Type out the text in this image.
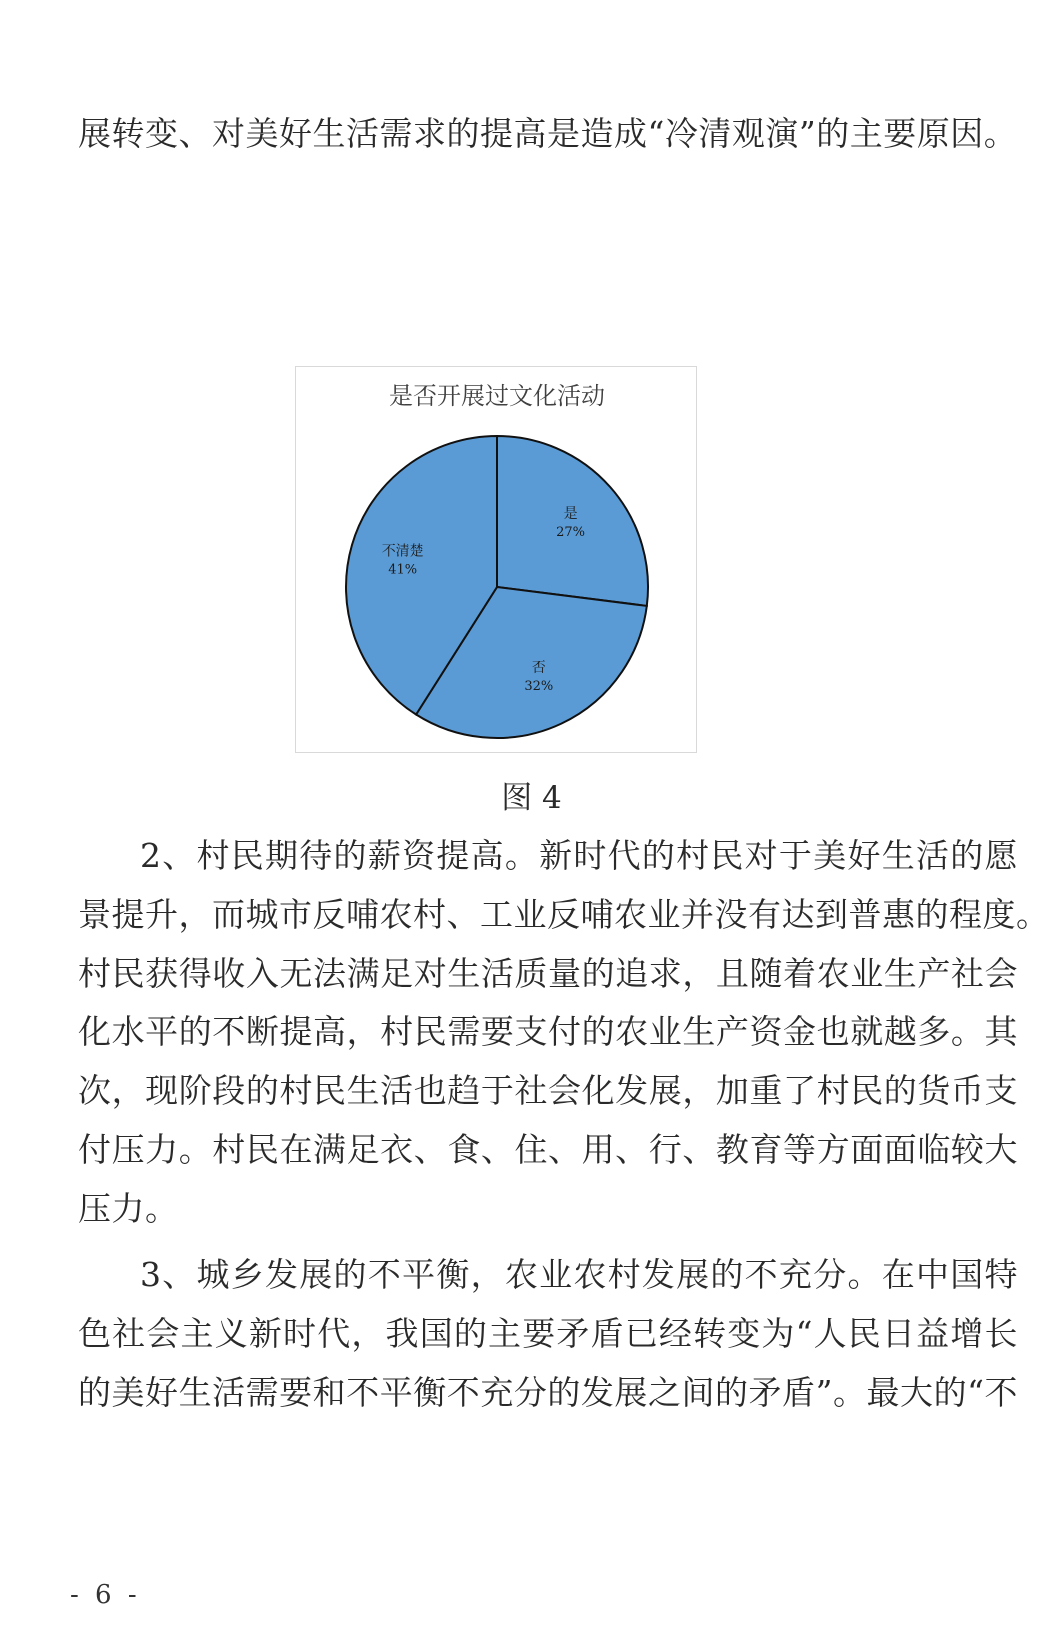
展转变、对美好生活需求的提高是造成“冷清观演”的主要原因。
是否开展过文化活动
是
27%
否
32%
不清楚
41%
图 4
2、村民期待的薪资提高。新时代的村民对于美好生活的愿
景提升，而城市反哺农村、工业反哺农业并没有达到普惠的程度。
村民获得收入无法满足对生活质量的追求，且随着农业生产社会
化水平的不断提高，村民需要支付的农业生产资金也就越多。其
次，现阶段的村民生活也趋于社会化发展，加重了村民的货币支
付压力。村民在满足衣、食、住、用、行、教育等方面面临较大
压力。
3、城乡发展的不平衡，农业农村发展的不充分。在中国特
色社会主义新时代，我国的主要矛盾已经转变为“人民日益增长
的美好生活需要和不平衡不充分的发展之间的矛盾”。最大的“不
- 6 -
